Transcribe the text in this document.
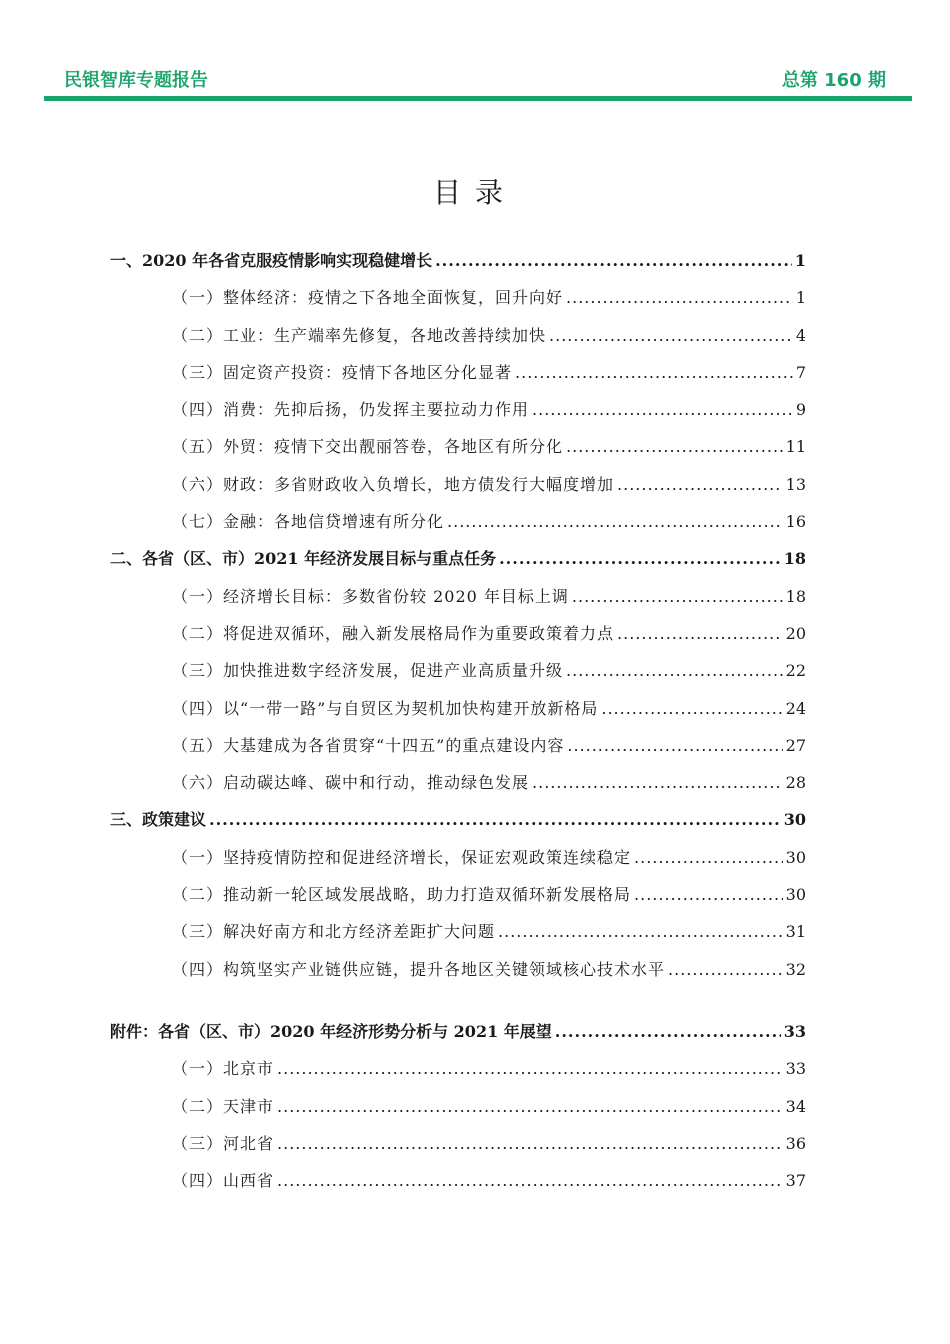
民银智库专题报告	总第 160 期
目录
一、2020 年各省克服疫情影响实现稳健增长 .....	1
（一）整体经济：疫情之下各地全面恢复，回升向好 .....	1
（二）工业：生产端率先修复，各地改善持续加快 .....	4
（三）固定资产投资：疫情下各地区分化显著 .....	7
（四）消费：先抑后扬，仍发挥主要拉动力作用 .....	9
（五）外贸：疫情下交出靓丽答卷，各地区有所分化 .....	11
（六）财政：多省财政收入负增长，地方债发行大幅度增加 .....	13
（七）金融：各地信贷增速有所分化 .....	16
二、各省（区、市）2021 年经济发展目标与重点任务 .....	18
（一）经济增长目标：多数省份较 2020 年目标上调 .....	18
（二）将促进双循环，融入新发展格局作为重要政策着力点 .....	20
（三）加快推进数字经济发展，促进产业高质量升级 .....	22
（四）以“一带一路”与自贸区为契机加快构建开放新格局 .....	24
（五）大基建成为各省贯穿“十四五”的重点建设内容 .....	27
（六）启动碳达峰、碳中和行动，推动绿色发展 .....	28
三、政策建议 .....	30
（一）坚持疫情防控和促进经济增长，保证宏观政策连续稳定 .....	30
（二）推动新一轮区域发展战略，助力打造双循环新发展格局 .....	30
（三）解决好南方和北方经济差距扩大问题 .....	31
（四）构筑坚实产业链供应链，提升各地区关键领域核心技术水平 .....	32
附件：各省（区、市）2020 年经济形势分析与 2021 年展望 .....	33
（一）北京市 .....	33
（二）天津市 .....	34
（三）河北省 .....	36
（四）山西省 .....	37
